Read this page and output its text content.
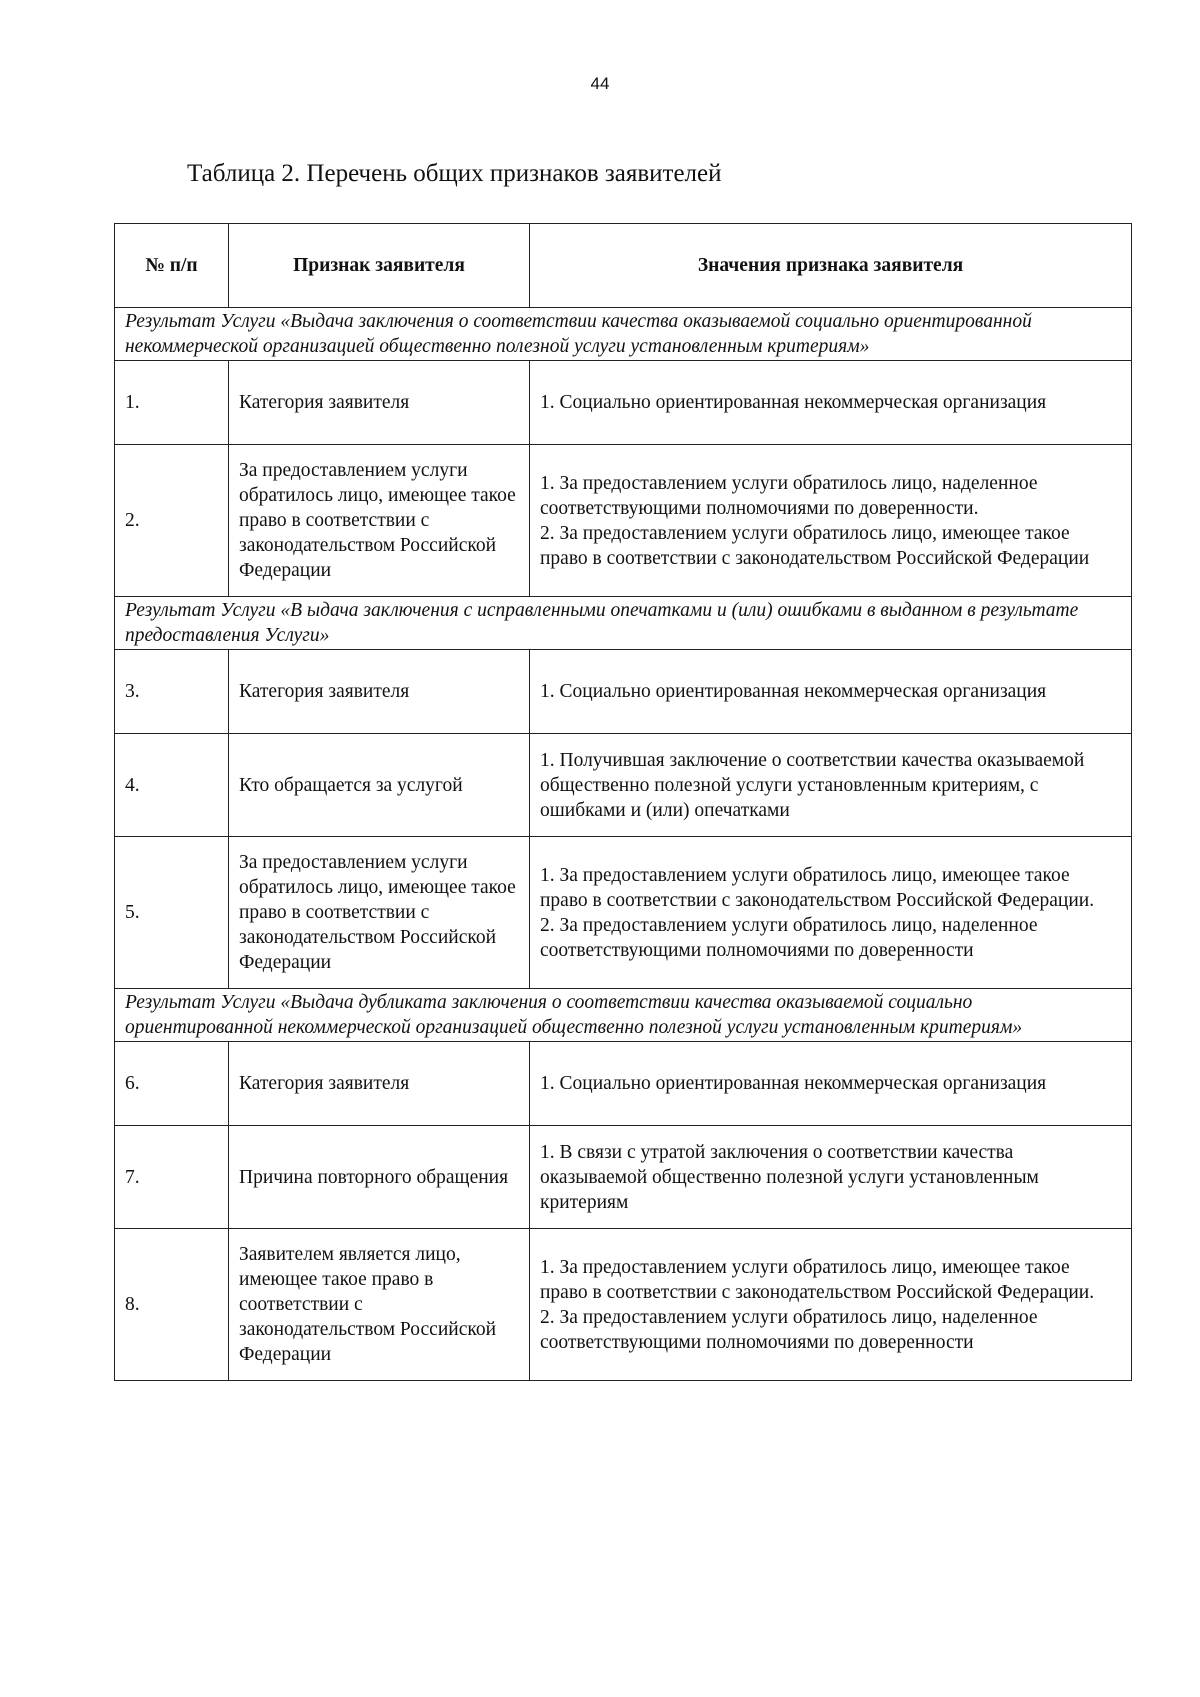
44
Таблица 2. Перечень общих признаков заявителей
№ п/п	Признак заявителя	Значения признака заявителя
Результат Услуги «Выдача заключения о соответствии качества оказываемой социально ориентированной некоммерческой организацией общественно полезной услуги установленным критериям»		
1.	Категория заявителя	1. Социально ориентированная некоммерческая организация

2.	За предоставлением услуги обратилось лицо, имеющее такое право в соответствии с законодательством Российской Федерации	1. За предоставлением услуги обратилось лицо, наделенное соответствующими полномочиями по доверенности.
2. За предоставлением услуги обратилось лицо, имеющее такое право в соответствии с законодательством Российской Федерации

Результат Услуги «В ыдача заключения с исправленными опечатками и (или) ошибками в выданном в результате предоставления Услуги»		
3.	Категория заявителя	1. Социально ориентированная некоммерческая организация

4.	Кто обращается за услугой	1. Получившая заключение о соответствии качества оказываемой общественно полезной услуги установленным критериям, с ошибками и (или) опечатками

5.	За предоставлением услуги обратилось лицо, имеющее такое право в соответствии с законодательством Российской Федерации	1. За предоставлением услуги обратилось лицо, имеющее такое право в соответствии с законодательством Российской Федерации.
2. За предоставлением услуги обратилось лицо, наделенное соответствующими полномочиями по доверенности

Результат Услуги «Выдача дубликата заключения о соответствии качества оказываемой социально ориентированной некоммерческой организацией общественно полезной услуги установленным критериям»		
6.	Категория заявителя	1. Социально ориентированная некоммерческая организация

7.	Причина повторного обращения	1. В связи с утратой заключения о соответствии качества оказываемой общественно полезной услуги установленным критериям

8.	Заявителем является лицо, имеющее такое право в соответствии с законодательством Российской Федерации	1. За предоставлением услуги обратилось лицо, имеющее такое право в соответствии с законодательством Российской Федерации.
2. За предоставлением услуги обратилось лицо, наделенное соответствующими полномочиями по доверенности
